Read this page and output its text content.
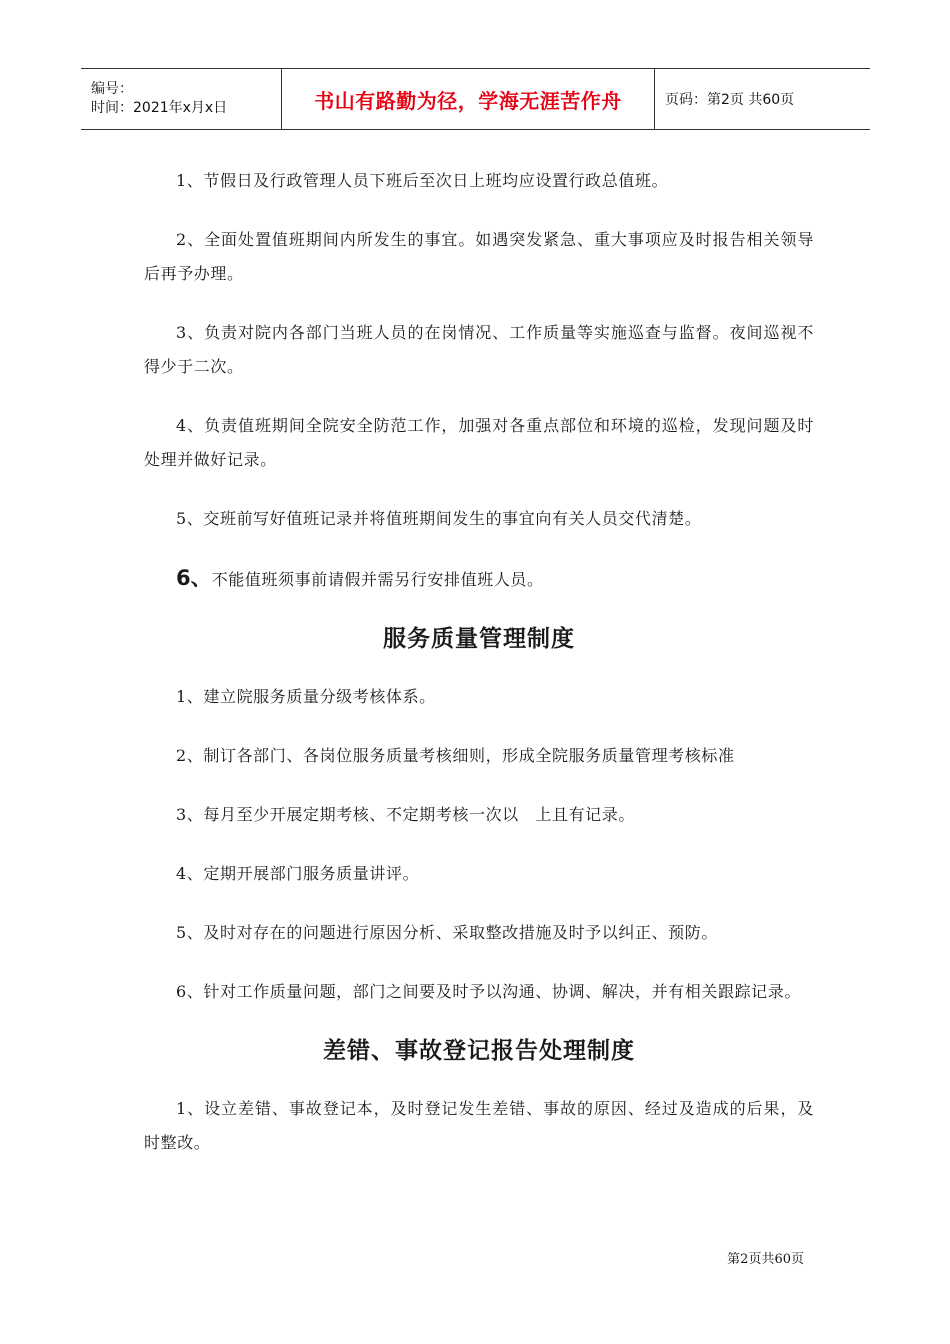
编号：
时间：2021年x月x日	书山有路勤为径，学海无涯苦作舟	页码：第2页 共60页

1、节假日及行政管理人员下班后至次日上班均应设置行政总值班。

2、全面处置值班期间内所发生的事宜。如遇突发紧急、重大事项应及时报告相关领导后再予办理。

3、负责对院内各部门当班人员的在岗情况、工作质量等实施巡查与监督。夜间巡视不得少于二次。

4、负责值班期间全院安全防范工作，加强对各重点部位和环境的巡检，发现问题及时处理并做好记录。

5、交班前写好值班记录并将值班期间发生的事宜向有关人员交代清楚。

6、不能值班须事前请假并需另行安排值班人员。

服务质量管理制度

1、建立院服务质量分级考核体系。

2、制订各部门、各岗位服务质量考核细则，形成全院服务质量管理考核标准

3、每月至少开展定期考核、不定期考核一次以　上且有记录。

4、定期开展部门服务质量讲评。

5、及时对存在的问题进行原因分析、采取整改措施及时予以纠正、预防。

6、针对工作质量问题，部门之间要及时予以沟通、协调、解决，并有相关跟踪记录。

差错、事故登记报告处理制度

1、设立差错、事故登记本，及时登记发生差错、事故的原因、经过及造成的后果，及时整改。

第2页共60页
